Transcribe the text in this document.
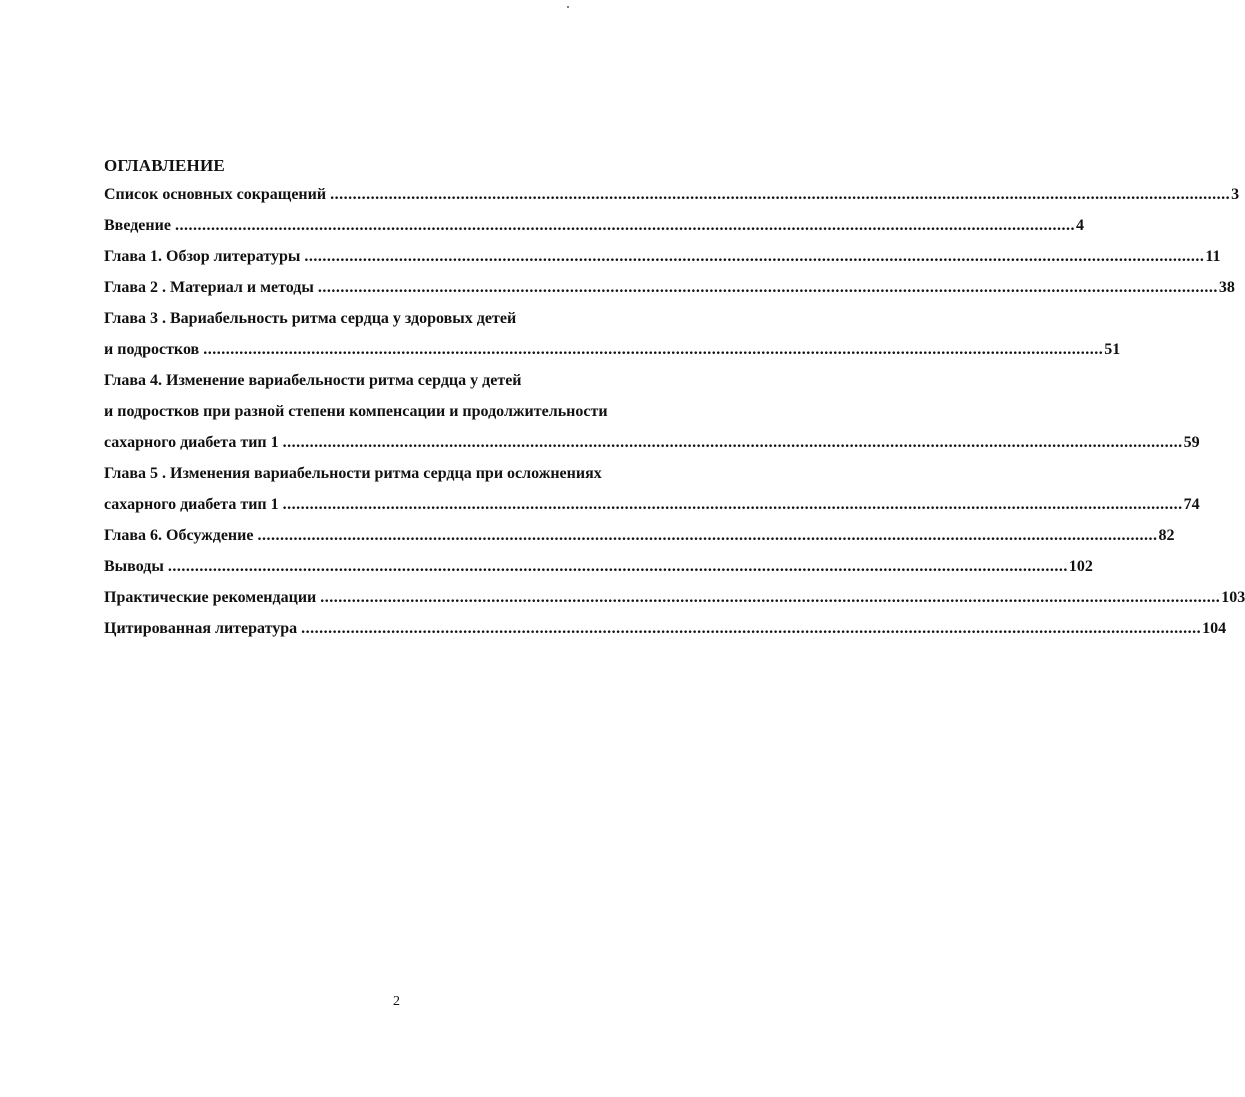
ОГЛАВЛЕНИЕ
Список основных сокращений ........................................................................................................................................................................................................ 3
Введение ........................................................................................................................................................................................................ 4
Глава 1. Обзор литературы ........................................................................................................................................................................................................ 11
Глава 2 . Материал и методы ........................................................................................................................................................................................................ 38
Глава 3 . Вариабельность ритма сердца у здоровых детей
и подростков ........................................................................................................................................................................................................ 51
Глава 4. Изменение вариабельности ритма сердца у детей
и подростков при разной степени компенсации и продолжительности
сахарного диабета тип 1 ........................................................................................................................................................................................................ 59
Глава 5 . Изменения вариабельности ритма сердца при осложнениях
сахарного диабета тип 1 ........................................................................................................................................................................................................ 74
Глава 6. Обсуждение ........................................................................................................................................................................................................ 82
Выводы ........................................................................................................................................................................................................ 102
Практические рекомендации ........................................................................................................................................................................................................ 103
Цитированная литература ........................................................................................................................................................................................................ 104
2
